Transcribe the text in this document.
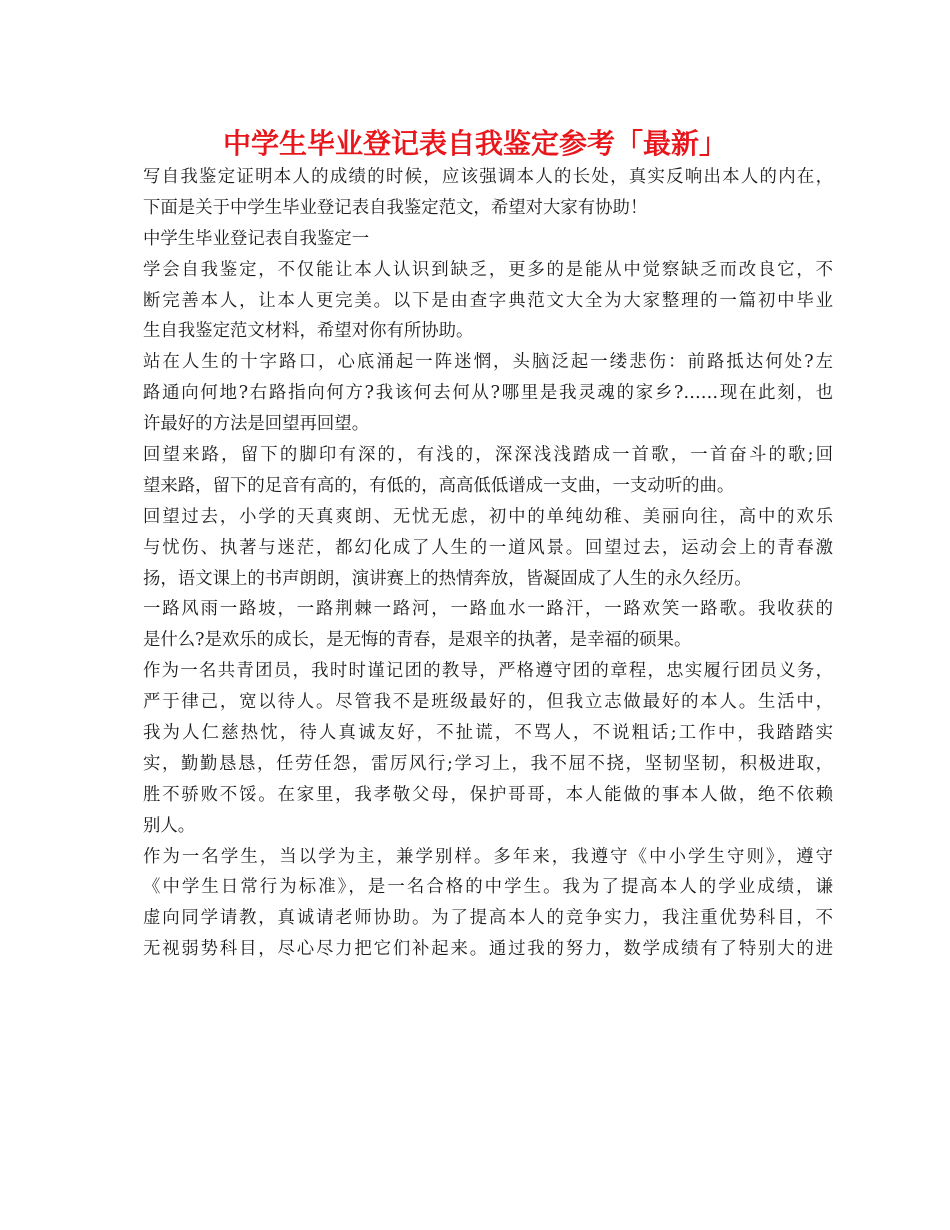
中学生毕业登记表自我鉴定参考「最新」
写自我鉴定证明本人的成绩的时候，应该强调本人的长处，真实反响出本人的内在，
下面是关于中学生毕业登记表自我鉴定范文，希望对大家有协助！
中学生毕业登记表自我鉴定一
学会自我鉴定，不仅能让本人认识到缺乏，更多的是能从中觉察缺乏而改良它，不
断完善本人，让本人更完美。以下是由查字典范文大全为大家整理的一篇初中毕业
生自我鉴定范文材料，希望对你有所协助。
站在人生的十字路口，心底涌起一阵迷惘，头脑泛起一缕悲伤：前路抵达何处?左
路通向何地?右路指向何方?我该何去何从?哪里是我灵魂的家乡?……现在此刻，也
许最好的方法是回望再回望。
回望来路，留下的脚印有深的，有浅的，深深浅浅踏成一首歌，一首奋斗的歌;回
望来路，留下的足音有高的，有低的，高高低低谱成一支曲，一支动听的曲。
回望过去，小学的天真爽朗、无忧无虑，初中的单纯幼稚、美丽向往，高中的欢乐
与忧伤、执著与迷茫，都幻化成了人生的一道风景。回望过去，运动会上的青春激
扬，语文课上的书声朗朗，演讲赛上的热情奔放，皆凝固成了人生的永久经历。
一路风雨一路坡，一路荆棘一路河，一路血水一路汗，一路欢笑一路歌。我收获的
是什么?是欢乐的成长，是无悔的青春，是艰辛的执著，是幸福的硕果。
作为一名共青团员，我时时谨记团的教导，严格遵守团的章程，忠实履行团员义务，
严于律己，宽以待人。尽管我不是班级最好的，但我立志做最好的本人。生活中，
我为人仁慈热忱，待人真诚友好，不扯谎，不骂人，不说粗话;工作中，我踏踏实
实，勤勤恳恳，任劳任怨，雷厉风行;学习上，我不屈不挠，坚韧坚韧，积极进取，
胜不骄败不馁。在家里，我孝敬父母，保护哥哥，本人能做的事本人做，绝不依赖
别人。
作为一名学生，当以学为主，兼学别样。多年来，我遵守《中小学生守则》，遵守
《中学生日常行为标准》，是一名合格的中学生。我为了提高本人的学业成绩，谦
虚向同学请教，真诚请老师协助。为了提高本人的竞争实力，我注重优势科目，不
无视弱势科目，尽心尽力把它们补起来。通过我的努力，数学成绩有了特别大的进
